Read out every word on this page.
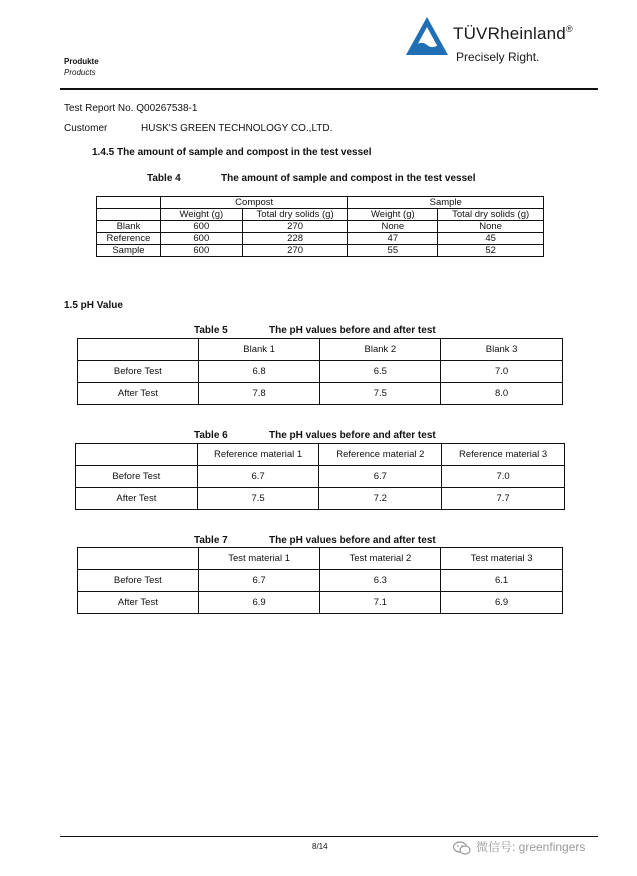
Produkte
Products
TÜVRheinland®
Precisely Right.
Test Report No. Q00267538-1
Customer	HUSK'S GREEN TECHNOLOGY CO.,LTD.
1.4.5 The amount of sample and compost in the test vessel
Table 4	The amount of sample and compost in the test vessel
	Compost		Sample	
	Weight (g)	Total dry solids (g)	Weight (g)	Total dry solids (g)
Blank	600	270	None	None
Reference	600	228	47	45
Sample	600	270	55	52
1.5 pH Value
Table 5	The pH values before and after test
	Blank 1	Blank 2	Blank 3
Before Test	6.8	6.5	7.0
After Test	7.8	7.5	8.0
Table 6	The pH values before and after test
	Reference material 1	Reference material 2	Reference material 3
Before Test	6.7	6.7	7.0
After Test	7.5	7.2	7.7
Table 7	The pH values before and after test
	Test material 1	Test material 2	Test material 3
Before Test	6.7	6.3	6.1
After Test	6.9	7.1	6.9
8/14	微信号: greenfingers
